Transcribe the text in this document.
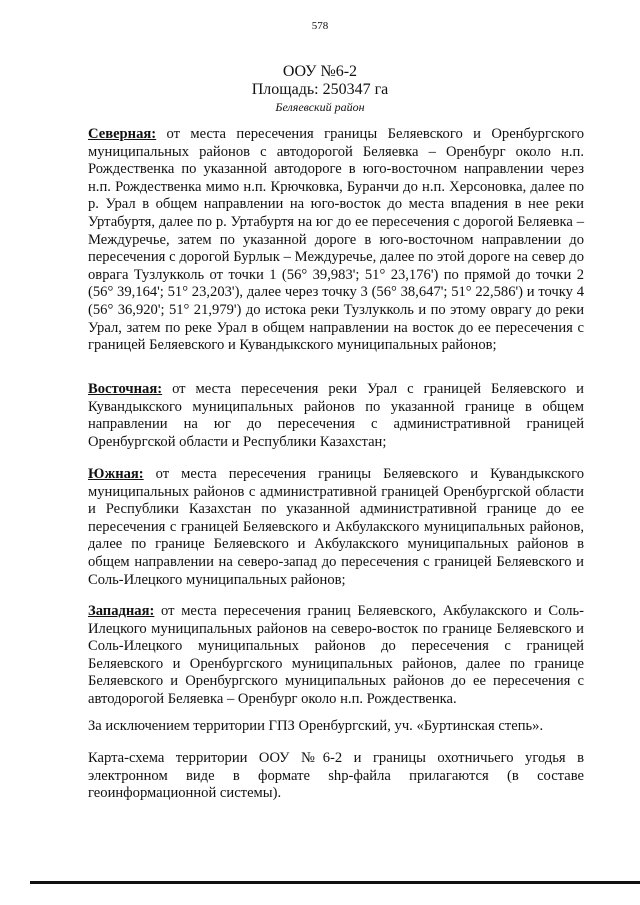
578
ООУ №6-2
Площадь: 250347 га
Беляевский район

Северная: от места пересечения границы Беляевского и Оренбургского муниципальных районов с автодорогой Беляевка – Оренбург около н.п. Рождественка по указанной автодороге в юго-восточном направлении через н.п. Рождественка мимо н.п. Крючковка, Буранчи до н.п. Херсоновка, далее по р. Урал в общем направлении на юго-восток до места впадения в нее реки Уртабуртя, далее по р. Уртабуртя на юг до ее пересечения с дорогой Беляевка – Междуречье, затем по указанной дороге в юго-восточном направлении до пересечения с дорогой Бурлык – Междуречье, далее по этой дороге на север до оврага Тузлукколь от точки 1 (56° 39,983'; 51° 23,176') по прямой до точки 2 (56° 39,164'; 51° 23,203'), далее через точку 3 (56° 38,647'; 51° 22,586') и точку 4 (56° 36,920'; 51° 21,979') до истока реки Тузлукколь и по этому оврагу до реки Урал, затем по реке Урал в общем направлении на восток до ее пересечения с границей Беляевского и Кувандыкского муниципальных районов;

Восточная: от места пересечения реки Урал с границей Беляевского и Кувандыкского муниципальных районов по указанной границе в общем направлении на юг до пересечения с административной границей Оренбургской области и Республики Казахстан;

Южная: от места пересечения границы Беляевского и Кувандыкского муниципальных районов с административной границей Оренбургской области и Республики Казахстан по указанной административной границе до ее пересечения с границей Беляевского и Акбулакского муниципальных районов, далее по границе Беляевского и Акбулакского муниципальных районов в общем направлении на северо-запад до пересечения с границей Беляевского и Соль-Илецкого муниципальных районов;

Западная: от места пересечения границ Беляевского, Акбулакского и Соль-Илецкого муниципальных районов на северо-восток по границе Беляевского и Соль-Илецкого муниципальных районов до пересечения с границей Беляевского и Оренбургского муниципальных районов, далее по границе Беляевского и Оренбургского муниципальных районов до ее пересечения с автодорогой Беляевка – Оренбург около н.п. Рождественка.

За исключением территории ГПЗ Оренбургский, уч. «Буртинская степь».

Карта-схема территории ООУ №6-2 и границы охотничьего угодья в электронном виде в формате shp-файла прилагаются (в составе геоинформационной системы).
